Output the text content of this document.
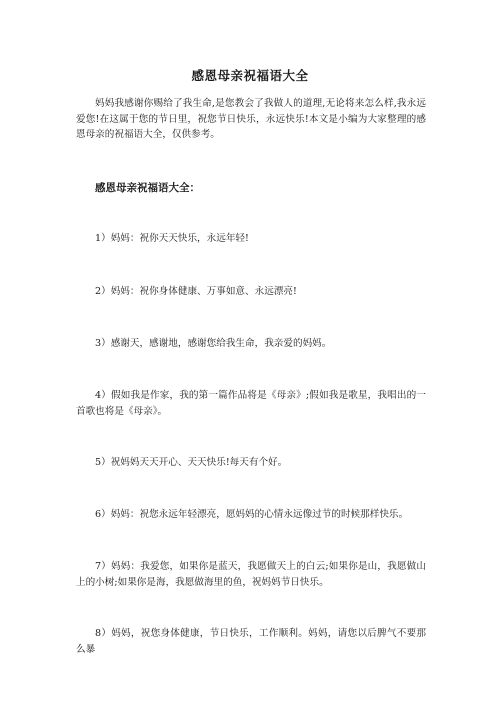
感恩母亲祝福语大全

妈妈我感谢你赐给了我生命,是您教会了我做人的道理,无论将来怎么样,我永远爱您!在这属于您的节日里，祝您节日快乐，永远快乐!本文是小编为大家整理的感恩母亲的祝福语大全，仅供参考。

感恩母亲祝福语大全：

1）妈妈：祝你天天快乐，永远年轻!

2）妈妈：祝你身体健康、万事如意、永远漂亮!

3）感谢天，感谢地，感谢您给我生命，我亲爱的妈妈。

4）假如我是作家，我的第一篇作品将是《母亲》;假如我是歌星，我唱出的一首歌也将是《母亲》。

5）祝妈妈天天开心、天天快乐!每天有个好。

6）妈妈：祝您永远年轻漂亮，愿妈妈的心情永远像过节的时候那样快乐。

7）妈妈：我爱您，如果你是蓝天，我愿做天上的白云;如果你是山，我愿做山上的小树;如果你是海，我愿做海里的鱼，祝妈妈节日快乐。

8）妈妈，祝您身体健康，节日快乐，工作顺利。妈妈，请您以后脾气不要那么暴
